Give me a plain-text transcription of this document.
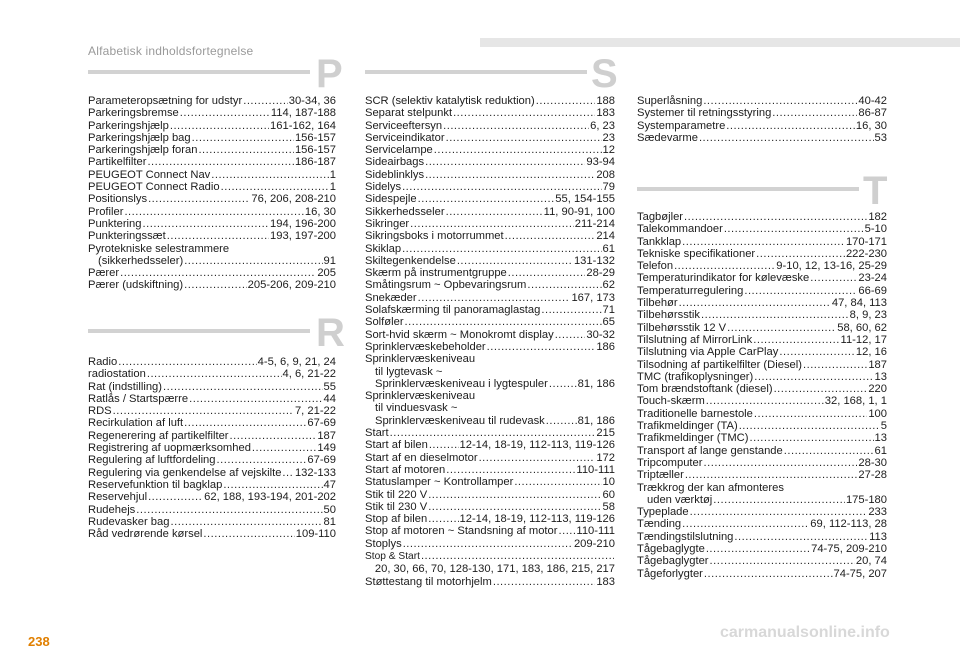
Alfabetisk indholdsfortegnelse
P
Parameteropsætning for udstyr .....	30-34, 36
Parkeringsbremse .....	114, 187-188
Parkeringshjælp .....	161-162, 164
Parkeringshjælp bag .....	156-157
Parkeringshjælp foran .....	156-157
Partikelfilter .....	186-187
PEUGEOT Connect Nav .....	1
PEUGEOT Connect Radio .....	1
Positionslys .....	76, 206, 208-210
Profiler .....	16, 30
Punktering .....	194, 196-200
Punkteringssæt .....	193, 197-200
Pyrotekniske selestrammere
(sikkerhedsseler) .....	91
Pærer .....	205
Pærer (udskiftning) .....	205-206, 209-210
R
Radio .....	4-5, 6, 9, 21, 24
radiostation .....	4, 6, 21-22
Rat (indstilling) .....	55
Ratlås / Startspærre .....	44
RDS .....	7, 21-22
Recirkulation af luft .....	67-69
Regenerering af partikelfilter .....	187
Registrering af uopmærksomhed .....	149
Regulering af luftfordeling .....	67-69
Regulering via genkendelse af vejskilte ..... 132-133
Reservefunktion til bagklap .....	47
Reservehjul .....	62, 188, 193-194, 201-202
Rudehejs .....	50
Rudevasker bag .....	81
Råd vedrørende kørsel .....	109-110
S
SCR (selektiv katalytisk reduktion) .....	188
Separat stelpunkt .....	183
Serviceeftersyn .....	6, 23
Serviceindikator .....	23
Servicelampe .....	12
Sideairbags .....	93-94
Sideblinklys .....	208
Sidelys .....	79
Sidespejle .....	55, 154-155
Sikkerhedsseler .....	11, 90-91, 100
Sikringer .....	211-214
Sikringsboks i motorrummet .....	214
Skiklap .....	61
Skiltegenkendelse .....	131-132
Skærm på instrumentgruppe .....	28-29
Småtingsrum ~ Opbevaringsrum .....	62
Snekæder .....	167, 173
Solafskærming til panoramaglastag .....	71
Solføler .....	65
Sort-hvid skærm ~ Monokromt display .....	30-32
Sprinklervæskebeholder .....	186
Sprinklervæskeniveau
til lygtevask ~
Sprinklervæskeniveau i lygtespuler .....	81, 186
Sprinklervæskeniveau
til vinduesvask ~
Sprinklervæskeniveau til rudevask .....	81, 186
Start .....	215
Start af bilen .....	12-14, 18-19, 112-113, 119-126
Start af en dieselmotor .....	172
Start af motoren .....	110-111
Statuslamper ~ Kontrollamper .....	10
Stik til 220 V .....	60
Stik til 230 V .....	58
Stop af bilen .....	12-14, 18-19, 112-113, 119-126
Stop af motoren ~ Standsning af motor ..... 110-111
Stoplys .....	209-210
Stop & Start
.....
20, 30, 66, 70, 128-130, 171, 183, 186, 215, 217
Støttestang til motorhjelm .....	183
Superlåsning .....	40-42
Systemer til retningsstyring .....	86-87
Systemparametre .....	16, 30
Sædevarme .....	53
T
Tagbøjler .....	182
Talekommandoer .....	5-10
Tankklap .....	170-171
Tekniske specifikationer .....	222-230
Telefon .....	9-10, 12, 13-16, 25-29
Temperaturindikator for kølevæske .....	23-24
Temperaturregulering .....	66-69
Tilbehør .....	47, 84, 113
Tilbehørsstik .....	8, 9, 23
Tilbehørsstik 12 V .....	58, 60, 62
Tilslutning af MirrorLink .....	11-12, 17
Tilslutning via Apple CarPlay .....	12, 16
Tilsodning af partikelfilter (Diesel) .....	187
TMC (trafikoplysninger) .....	13
Tom brændstoftank (diesel) .....	220
Touch-skærm .....	32, 168, 1, 1
Traditionelle barnestole .....	100
Trafikmeldinger (TA) .....	5
Trafikmeldinger (TMC) .....	13
Transport af lange genstande .....	61
Tripcomputer .....	28-30
Triptæller .....	27-28
Trækkrog der kan afmonteres
uden værktøj .....	175-180
Typeplade .....	233
Tænding .....	69, 112-113, 28
Tændingstilslutning .....	113
Tågebaglygte .....	74-75, 209-210
Tågebaglygter .....	20, 74
Tågeforlygter .....	74-75, 207
238
carmanualsonline.info
